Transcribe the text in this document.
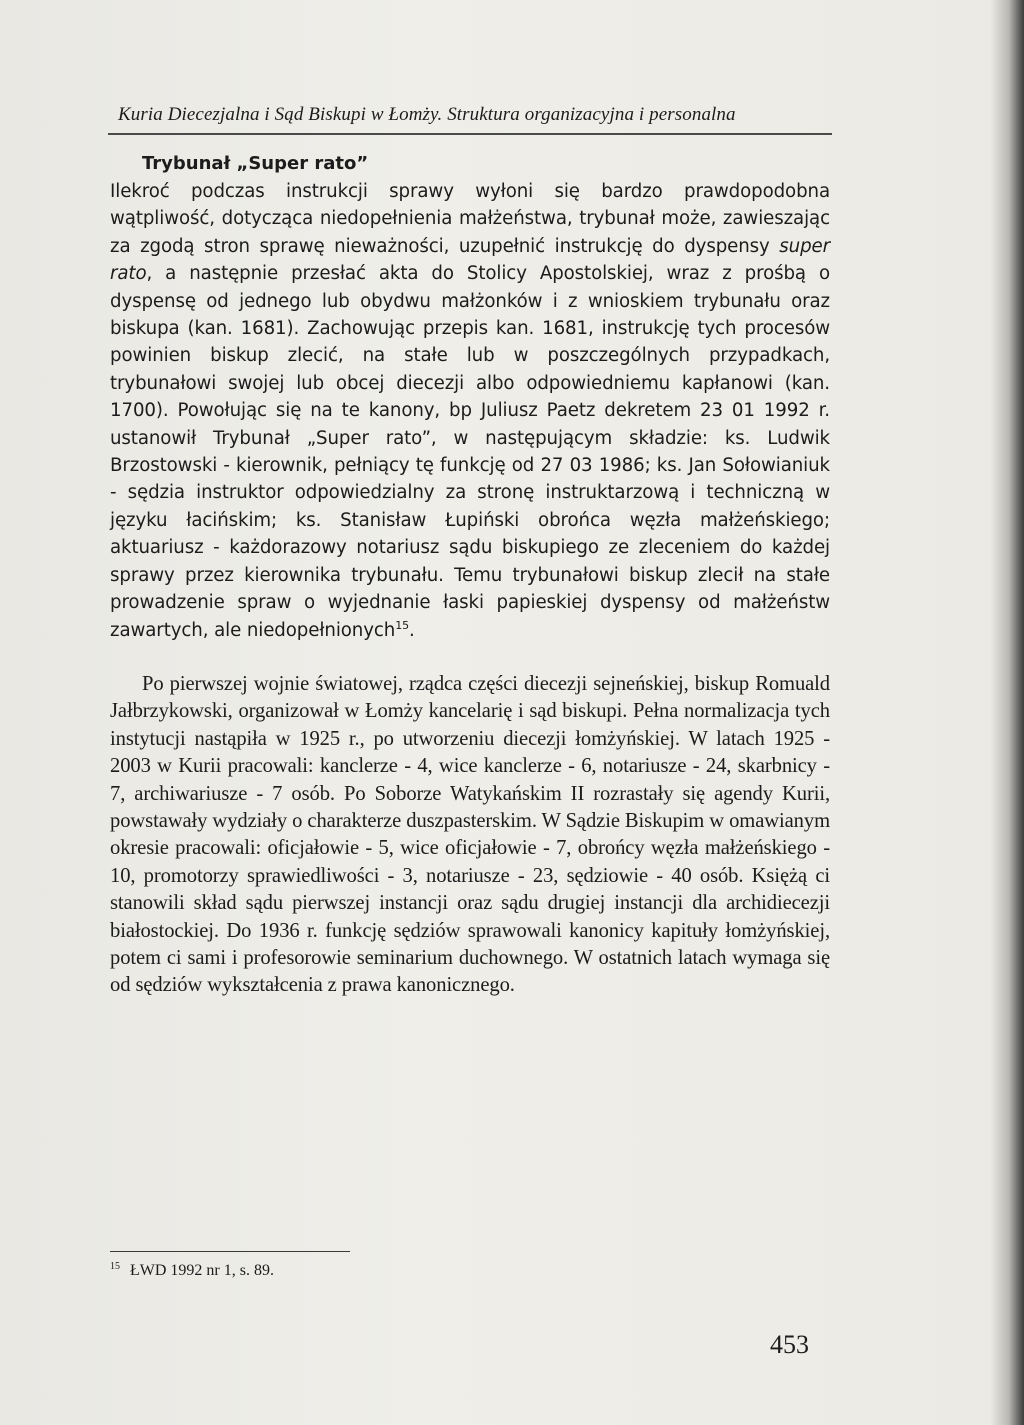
Kuria Diecezjalna i Sąd Biskupi w Łomży. Struktura organizacyjna i personalna
Trybunał „Super rato”

Ilekroć podczas instrukcji sprawy wyłoni się bardzo prawdopodobna wątpliwość, dotycząca niedopełnienia małżeństwa, trybunał może, zawieszając za zgodą stron sprawę nieważności, uzupełnić instrukcję do dyspensy super rato, a następnie przesłać akta do Stolicy Apostolskiej, wraz z prośbą o dyspensę od jednego lub obydwu małżonków i z wnioskiem trybunału oraz biskupa (kan. 1681). Zachowując przepis kan. 1681, instrukcję tych procesów powinien biskup zlecić, na stałe lub w poszczególnych przypadkach, trybunałowi swojej lub obcej diecezji albo odpowiedniemu kapłanowi (kan. 1700). Powołując się na te kanony, bp Juliusz Paetz dekretem 23 01 1992 r. ustanowił Trybunał „Super rato”, w następującym składzie: ks. Ludwik Brzostowski - kierownik, pełniący tę funkcję od 27 03 1986; ks. Jan Sołowianiuk - sędzia instruktor odpowiedzialny za stronę instruktarzową i techniczną w języku łacińskim; ks. Stanisław Łupiński obrońca węzła małżeńskiego; aktuariusz - każdorazowy notariusz sądu biskupiego ze zleceniem do każdej sprawy przez kierownika trybunału. Temu trybunałowi biskup zlecił na stałe prowadzenie spraw o wyjednanie łaski papieskiej dyspensy od małżeństw zawartych, ale niedopełnionych$^{15}$.

Po pierwszej wojnie światowej, rządca części diecezji sejneńskiej, biskup Romuald Jałbrzykowski, organizował w Łomży kancelarię i sąd biskupi. Pełna normalizacja tych instytucji nastąpiła w 1925 r., po utworzeniu diecezji łomżyńskiej. W latach 1925 - 2003 w Kurii pracowali: kanclerze - 4, wice kanclerze - 6, notariusze - 24, skarbnicy - 7, archiwariusze - 7 osób. Po Soborze Watykańskim II rozrastały się agendy Kurii, powstawały wydziały o charakterze duszpasterskim. W Sądzie Biskupim w omawianym okresie pracowali: oficjałowie - 5, wice oficjałowie - 7, obrońcy węzła małżeńskiego - 10, promotorzy sprawiedliwości - 3, notariusze - 23, sędziowie - 40 osób. Księżą ci stanowili skład sądu pierwszej instancji oraz sądu drugiej instancji dla archidiecezji białostockiej. Do 1936 r. funkcję sędziów sprawowali kanonicy kapituły łomżyńskiej, potem ci sami i profesorowie seminarium duchownego. W ostatnich latach wymaga się od sędziów wykształcenia z prawa kanonicznego.

$^{15}$ ŁWD 1992 nr 1, s. 89.
453
